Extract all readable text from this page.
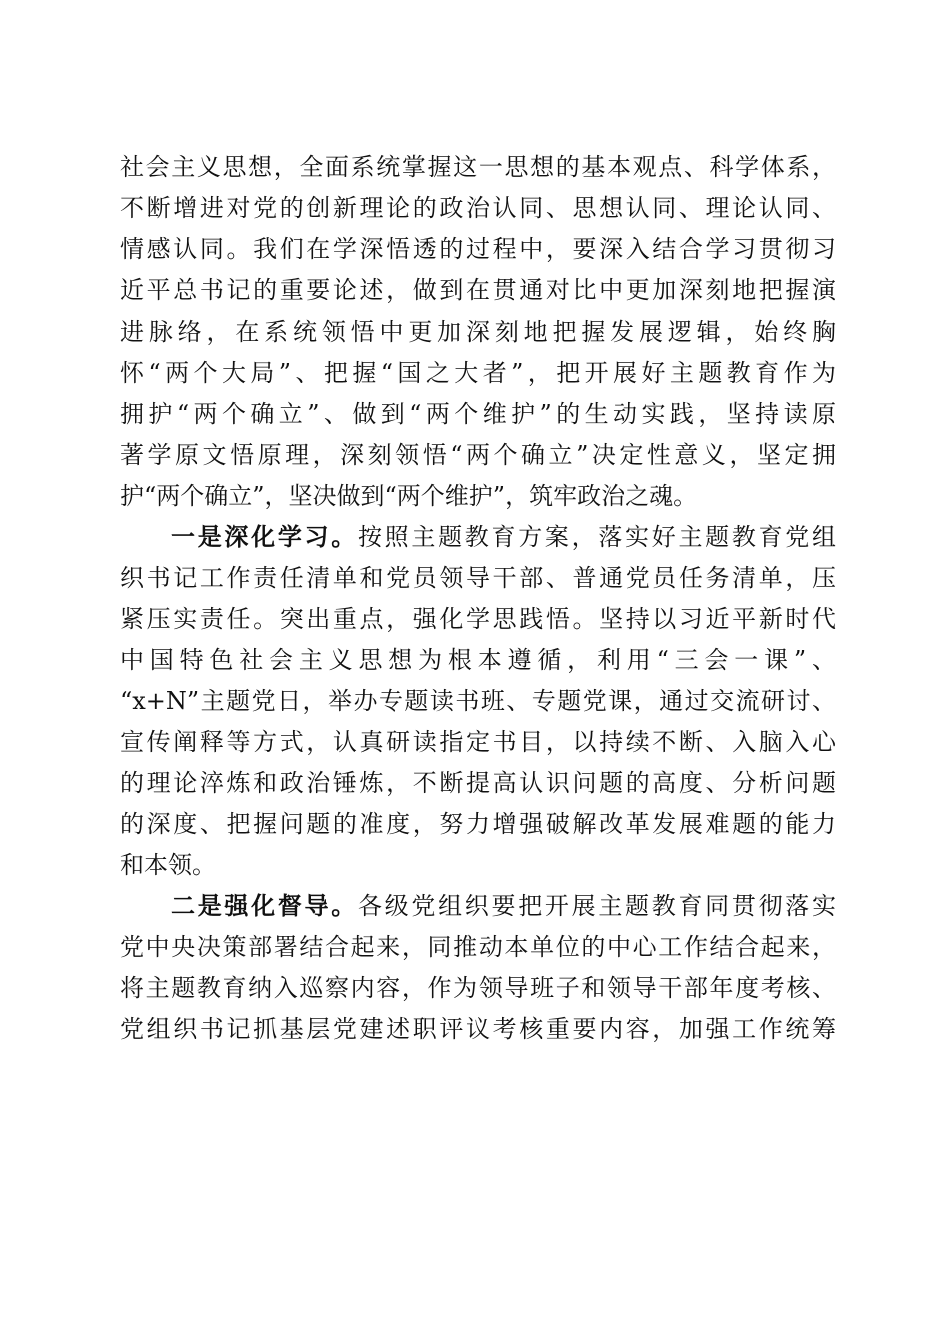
社会主义思想，全面系统掌握这一思想的基本观点、科学体系，
不断增进对党的创新理论的政治认同、思想认同、理论认同、
情感认同。我们在学深悟透的过程中，要深入结合学习贯彻习
近平总书记的重要论述，做到在贯通对比中更加深刻地把握演
进脉络，在系统领悟中更加深刻地把握发展逻辑，始终胸
怀“两个大局”、把握“国之大者”，把开展好主题教育作为
拥护“两个确立”、做到“两个维护”的生动实践，坚持读原
著学原文悟原理，深刻领悟“两个确立”决定性意义，坚定拥
护“两个确立”，坚决做到“两个维护”，筑牢政治之魂。
一是深化学习。按照主题教育方案，落实好主题教育党组
织书记工作责任清单和党员领导干部、普通党员任务清单，压
紧压实责任。突出重点，强化学思践悟。坚持以习近平新时代
中国特色社会主义思想为根本遵循，利用“三会一课”、
“x+N”主题党日，举办专题读书班、专题党课，通过交流研讨、
宣传阐释等方式，认真研读指定书目，以持续不断、入脑入心
的理论淬炼和政治锤炼，不断提高认识问题的高度、分析问题
的深度、把握问题的准度，努力增强破解改革发展难题的能力
和本领。
二是强化督导。各级党组织要把开展主题教育同贯彻落实
党中央决策部署结合起来，同推动本单位的中心工作结合起来，
将主题教育纳入巡察内容，作为领导班子和领导干部年度考核、
党组织书记抓基层党建述职评议考核重要内容，加强工作统筹
